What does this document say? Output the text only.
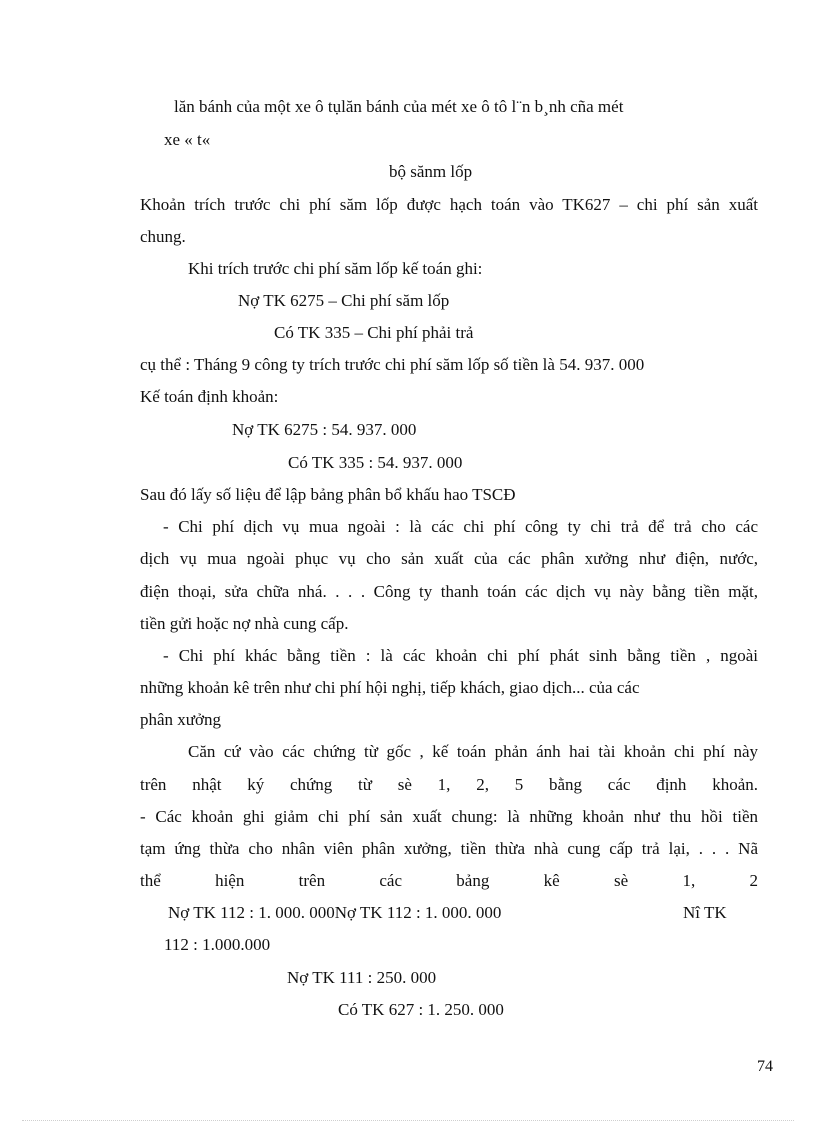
lăn bánh của một xe ô tụlăn bánh của mét xe ô tô l¨n b¸nh cña mét
xe « t«
bộ sănm lốp
Khoản trích trước chi phí săm lốp được hạch toán vào TK627 – chi phí sản xuất
chung.
Khi trích trước chi phí săm lốp kế toán ghi:
Nợ TK 6275 – Chi phí săm lốp
Có TK 335 – Chi phí phải trả
cụ thể : Tháng 9 công ty trích trước chi phí săm lốp số tiền là 54. 937. 000
Kế toán định khoản:
Nợ TK 6275 : 54. 937. 000
Có TK 335 : 54. 937. 000
Sau đó lấy số liệu để lập bảng phân bổ khấu hao TSCĐ
- Chi phí dịch vụ mua ngoài : là các chi phí công ty chi trả để trả cho các
dịch vụ mua ngoài phục vụ cho sản xuất của các phân xưởng như điện, nước,
điện thoại, sửa chữa nhá. . . . Công ty thanh toán các dịch vụ này bằng tiền mặt,
tiền gửi hoặc nợ nhà cung cấp.
- Chi phí khác bằng tiền : là các khoản chi phí phát sinh bằng tiền , ngoài
những khoản kê trên như chi phí hội nghị, tiếp khách, giao dịch... của các
phân xưởng
Căn cứ vào các chứng từ gốc , kế toán phản ánh hai tài khoản chi phí này
trên nhật ký chứng từ sè 1, 2, 5 bằng các định khoản.
- Các khoản ghi giảm chi phí sản xuất chung: là những khoản như thu hồi tiền
tạm ứng thừa cho nhân viên phân xưởng, tiền thừa nhà cung cấp trả lại, . . . Nã
thể hiện trên các bảng kê sè 1, 2
Nợ TK 112 : 1. 000. 000Nợ TK 112 : 1. 000. 000	Nî TK
112 : 1.000.000
Nợ TK 111 : 250. 000
Có TK 627 : 1. 250. 000
74
